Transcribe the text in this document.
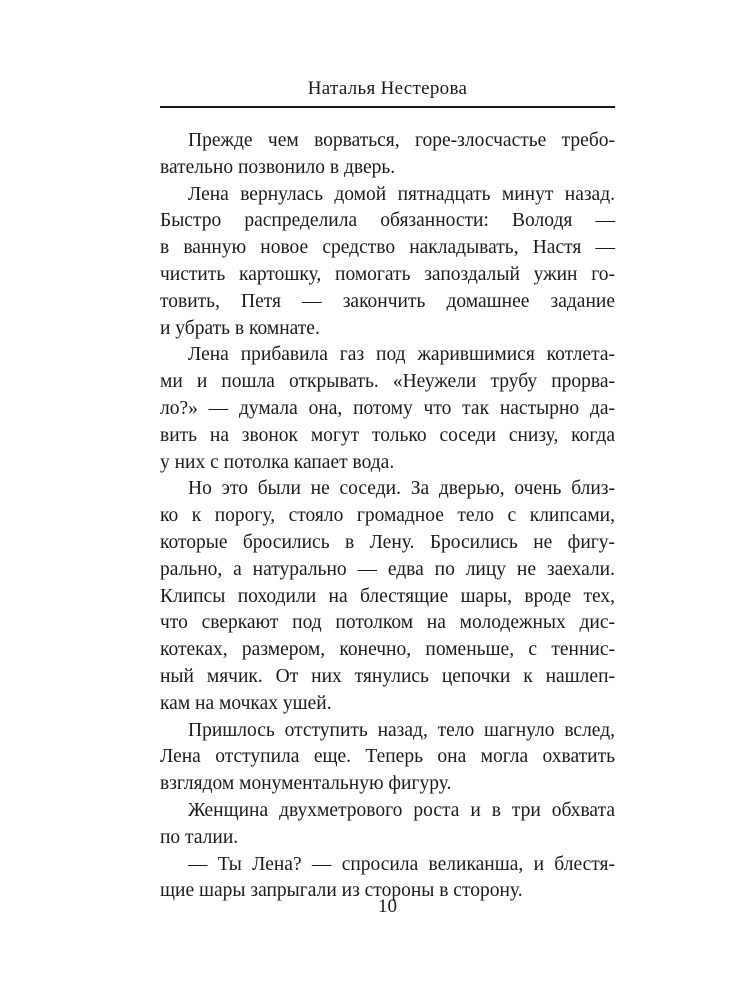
Наталья Нестерова
Прежде чем ворваться, горе-злосчастье требо-
вательно позвонило в дверь.
Лена вернулась домой пятнадцать минут назад.
Быстро распределила обязанности: Володя —
в ванную новое средство накладывать, Настя —
чистить картошку, помогать запоздалый ужин го-
товить, Петя — закончить домашнее задание
и убрать в комнате.
Лена прибавила газ под жарившимися котлета-
ми и пошла открывать. «Неужели трубу прорва-
ло?» — думала она, потому что так настырно да-
вить на звонок могут только соседи снизу, когда
у них с потолка капает вода.
Но это были не соседи. За дверью, очень близ-
ко к порогу, стояло громадное тело с клипсами,
которые бросились в Лену. Бросились не фигу-
рально, а натурально — едва по лицу не заехали.
Клипсы походили на блестящие шары, вроде тех,
что сверкают под потолком на молодежных дис-
котеках, размером, конечно, поменьше, с теннис-
ный мячик. От них тянулись цепочки к нашлеп-
кам на мочках ушей.
Пришлось отступить назад, тело шагнуло вслед,
Лена отступила еще. Теперь она могла охватить
взглядом монументальную фигуру.
Женщина двухметрового роста и в три обхвата
по талии.
— Ты Лена? — спросила великанша, и блестя-
щие шары запрыгали из стороны в сторону.
10
